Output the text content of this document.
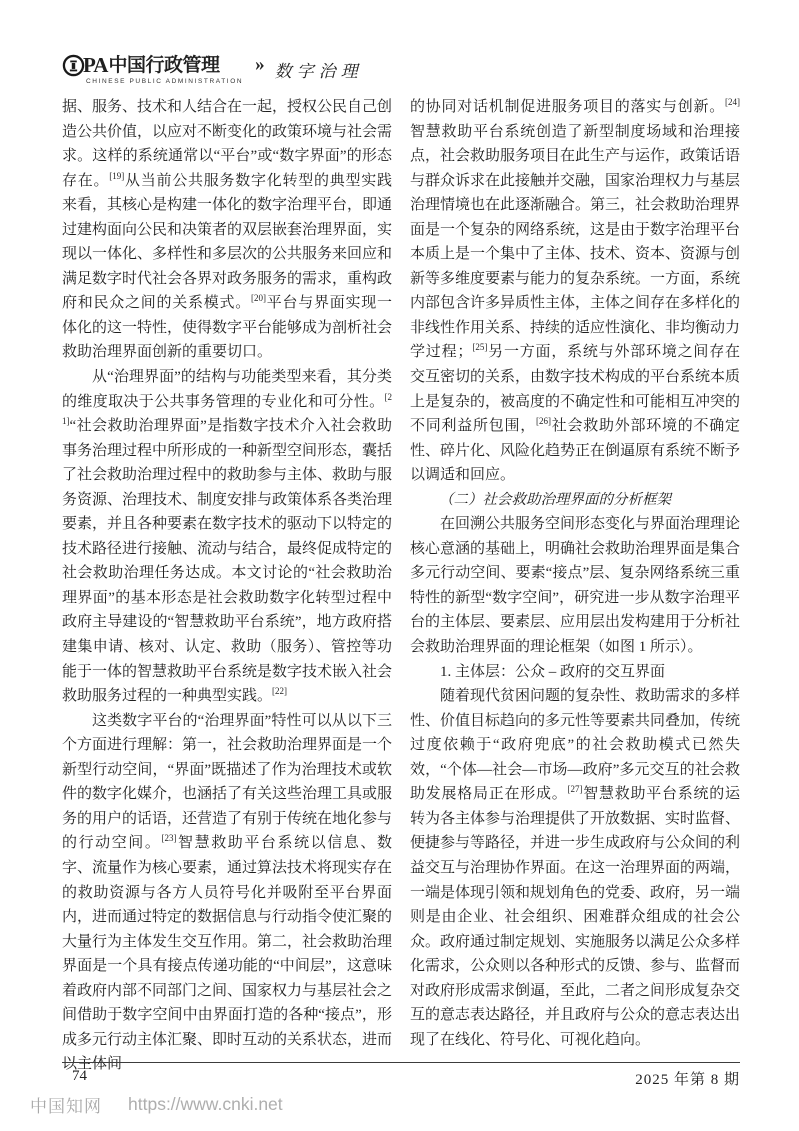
PA 中国行政管理
CHINESE PUBLIC ADMINISTRATION
» 数字治理
据、服务、技术和人结合在一起，授权公民自己创造公共价值，以应对不断变化的政策环境与社会需求。这样的系统通常以“平台”或“数字界面”的形态存在。[19]从当前公共服务数字化转型的典型实践来看，其核心是构建一体化的数字治理平台，即通过建构面向公民和决策者的双层嵌套治理界面，实现以一体化、多样性和多层次的公共服务来回应和满足数字时代社会各界对政务服务的需求，重构政府和民众之间的关系模式。[20]平台与界面实现一体化的这一特性，使得数字平台能够成为剖析社会救助治理界面创新的重要切口。
从“治理界面”的结构与功能类型来看，其分类的维度取决于公共事务管理的专业化和可分性。[21]“社会救助治理界面”是指数字技术介入社会救助事务治理过程中所形成的一种新型空间形态，囊括了社会救助治理过程中的救助参与主体、救助与服务资源、治理技术、制度安排与政策体系各类治理要素，并且各种要素在数字技术的驱动下以特定的技术路径进行接触、流动与结合，最终促成特定的社会救助治理任务达成。本文讨论的“社会救助治理界面”的基本形态是社会救助数字化转型过程中政府主导建设的“智慧救助平台系统”，地方政府搭建集申请、核对、认定、救助（服务）、管控等功能于一体的智慧救助平台系统是数字技术嵌入社会救助服务过程的一种典型实践。[22]
这类数字平台的“治理界面”特性可以从以下三个方面进行理解：第一，社会救助治理界面是一个新型行动空间，“界面”既描述了作为治理技术或软件的数字化媒介，也涵括了有关这些治理工具或服务的用户的话语，还营造了有别于传统在地化参与的行动空间。[23]智慧救助平台系统以信息、数字、流量作为核心要素，通过算法技术将现实存在的救助资源与各方人员符号化并吸附至平台界面内，进而通过特定的数据信息与行动指令使汇聚的大量行为主体发生交互作用。第二，社会救助治理界面是一个具有接点传递功能的“中间层”，这意味着政府内部不同部门之间、国家权力与基层社会之间借助于数字空间中由界面打造的各种“接点”，形成多元行动主体汇聚、即时互动的关系状态，进而以主体间
的协同对话机制促进服务项目的落实与创新。[24]智慧救助平台系统创造了新型制度场域和治理接点，社会救助服务项目在此生产与运作，政策话语与群众诉求在此接触并交融，国家治理权力与基层治理情境也在此逐渐融合。第三，社会救助治理界面是一个复杂的网络系统，这是由于数字治理平台本质上是一个集中了主体、技术、资本、资源与创新等多维度要素与能力的复杂系统。一方面，系统内部包含许多异质性主体，主体之间存在多样化的非线性作用关系、持续的适应性演化、非均衡动力学过程；[25]另一方面，系统与外部环境之间存在交互密切的关系，由数字技术构成的平台系统本质上是复杂的，被高度的不确定性和可能相互冲突的不同利益所包围，[26]社会救助外部环境的不确定性、碎片化、风险化趋势正在倒逼原有系统不断予以调适和回应。
（二）社会救助治理界面的分析框架
在回溯公共服务空间形态变化与界面治理理论核心意涵的基础上，明确社会救助治理界面是集合多元行动空间、要素“接点”层、复杂网络系统三重特性的新型“数字空间”，研究进一步从数字治理平台的主体层、要素层、应用层出发构建用于分析社会救助治理界面的理论框架（如图 1 所示）。
1. 主体层：公众 – 政府的交互界面
随着现代贫困问题的复杂性、救助需求的多样性、价值目标趋向的多元性等要素共同叠加，传统过度依赖于“政府兜底”的社会救助模式已然失效，“个体—社会—市场—政府”多元交互的社会救助发展格局正在形成。[27]智慧救助平台系统的运转为各主体参与治理提供了开放数据、实时监督、便捷参与等路径，并进一步生成政府与公众间的利益交互与治理协作界面。在这一治理界面的两端，一端是体现引领和规划角色的党委、政府，另一端则是由企业、社会组织、困难群众组成的社会公众。政府通过制定规划、实施服务以满足公众多样化需求，公众则以各种形式的反馈、参与、监督而对政府形成需求倒逼，至此，二者之间形成复杂交互的意志表达路径，并且政府与公众的意志表达出现了在线化、符号化、可视化趋向。
74	2025 年第 8 期
中国知网 https://www.cnki.net
